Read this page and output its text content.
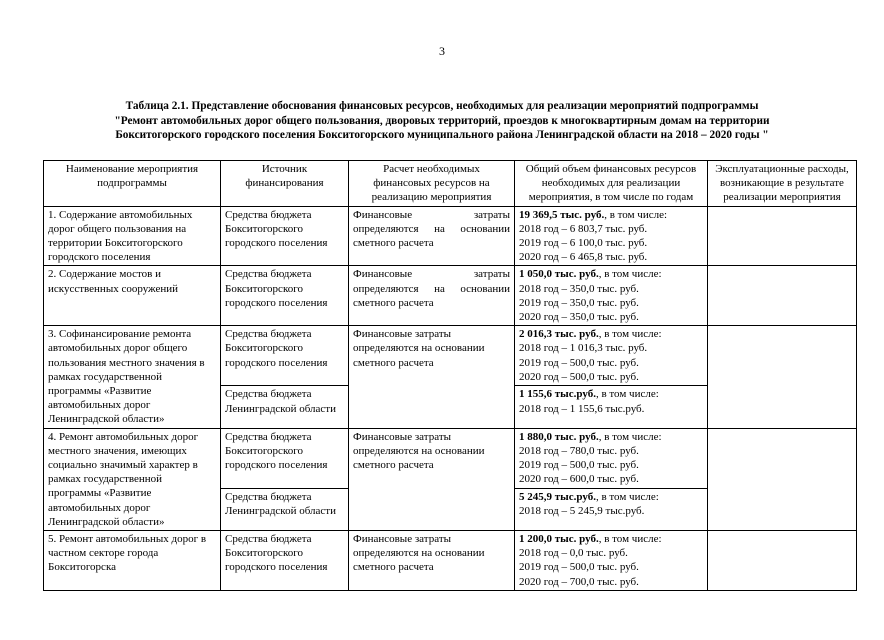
3
Таблица 2.1. Представление обоснования финансовых ресурсов, необходимых для реализации мероприятий подпрограммы
"Ремонт автомобильных дорог общего пользования, дворовых территорий, проездов к многоквартирным домам на территории
Бокситогорского городского поселения Бокситогорского муниципального района Ленинградской области на 2018 – 2020 годы "
Наименование мероприятия подпрограммы	Источник финансирования	Расчет необходимых финансовых ресурсов на реализацию мероприятия	Общий объем финансовых ресурсов необходимых для реализации мероприятия, в том числе по годам	Эксплуатационные расходы, возникающие в результате реализации мероприятия
1. Содержание автомобильных дорог общего пользования на территории Бокситогорского городского поселения	Средства бюджета Бокситогорского городского поселения	Финансовые затраты определяются на основании сметного расчета	19 369,5 тыс. руб., в том числе:
2018 год – 6 803,7 тыс. руб.
2019 год – 6 100,0 тыс. руб.
2020 год – 6 465,8 тыс. руб.	

2. Содержание мостов и искусственных сооружений	Средства бюджета Бокситогорского городского поселения	Финансовые затраты определяются на основании сметного расчета	1 050,0 тыс. руб., в том числе:
2018 год – 350,0 тыс. руб.
2019 год – 350,0 тыс. руб.
2020 год – 350,0 тыс. руб.	

3. Софинансирование ремонта автомобильных дорог общего пользования местного значения в рамках государственной программы «Развитие автомобильных дорог Ленинградской области»	Средства бюджета Бокситогорского городского поселения	Финансовые затраты определяются на основании сметного расчета	2 016,3 тыс. руб., в том числе:
2018 год – 1 016,3 тыс. руб.
2019 год – 500,0 тыс. руб.
2020 год – 500,0 тыс. руб.	

	Средства бюджета Ленинградской области		1 155,6 тыс.руб., в том числе:
2018 год – 1 155,6 тыс.руб.	

4. Ремонт автомобильных дорог местного значения, имеющих социально значимый характер в рамках государственной программы «Развитие автомобильных дорог Ленинградской области»	Средства бюджета Бокситогорского городского поселения	Финансовые затраты определяются на основании сметного расчета	1 880,0 тыс. руб., в том числе:
2018 год – 780,0 тыс. руб.
2019 год – 500,0 тыс. руб.
2020 год – 600,0 тыс. руб.	

	Средства бюджета Ленинградской области		5 245,9 тыс.руб., в том числе:
2018 год – 5 245,9 тыс.руб.	

5. Ремонт автомобильных дорог в частном секторе города Бокситогорска	Средства бюджета Бокситогорского городского поселения	Финансовые затраты определяются на основании сметного расчета	1 200,0 тыс. руб., в том числе:
2018 год – 0,0 тыс. руб.
2019 год – 500,0 тыс. руб.
2020 год – 700,0 тыс. руб.	
